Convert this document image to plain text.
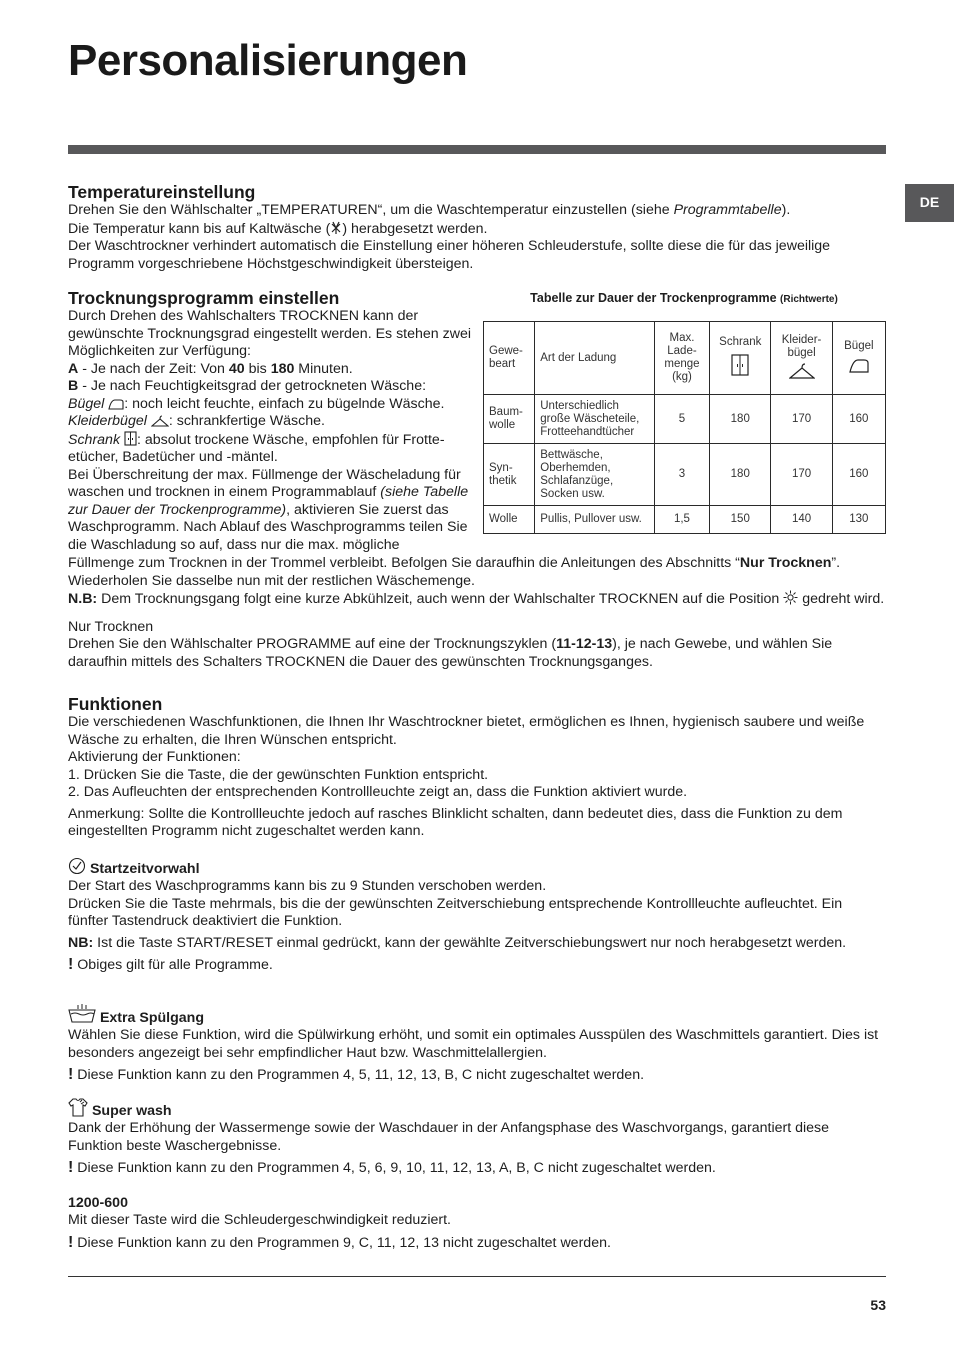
Personalisierungen
DE
Temperatureinstellung

Drehen Sie den Wählschalter „TEMPERATUREN“, um die Waschtemperatur einzustellen (siehe Programmtabelle).
Die Temperatur kann bis auf Kaltwäsche ( ) herabgesetzt werden.
Der Waschtrockner verhindert automatisch die Einstellung einer höheren Schleuderstufe, sollte diese die für das jeweilige Programm vorgeschriebene Höchstgeschwindigkeit übersteigen.

Trocknungsprogramm einstellen

Durch Drehen des Wahlschalters TROCKNEN kann der gewünschte Trocknungsgrad eingestellt werden. Es stehen zwei Möglichkeiten zur Verfügung:
A - Je nach der Zeit: Von 40 bis 180 Minuten.
B - Je nach Feuchtigkeitsgrad der getrockneten Wäsche:
Bügel : noch leicht feuchte, einfach zu bügelnde Wäsche.
Kleiderbügel : schrankfertige Wäsche.
Schrank : absolut trockene Wäsche, empfohlen für Frotte-etücher, Badetücher und -mäntel.
Bei Überschreitung der max. Füllmenge der Wäscheladung für waschen und trocknen in einem Programmablauf (siehe Tabelle zur Dauer der Trockenprogramme), aktivieren Sie zuerst das Waschprogramm. Nach Ablauf des Waschprogramms teilen Sie die Waschladung so auf, dass nur die max. mögliche

Tabelle zur Dauer der Trockenprogramme (Richtwerte)
Gewe-beart	Art der Ladung	Max. Lade-menge (kg)	Schrank	Kleider-bügel	Bügel

Baum-wolle	Unterschiedlich große Wäscheteile, Frotteehandtücher	5	180	170	160
Syn-thetik	Bettwäsche, Oberhemden, Schlafanzüge, Socken usw.	3	180	170	160
Wolle	Pullis, Pullover usw.	1,5	150	140	130

Füllmenge zum Trocknen in der Trommel verbleibt. Befolgen Sie daraufhin die Anleitungen des Abschnitts “Nur Trocknen”.
Wiederholen Sie dasselbe nun mit der restlichen Wäschemenge.
N.B: Dem Trocknungsgang folgt eine kurze Abkühlzeit, auch wenn der Wahlschalter TROCKNEN auf die Position  gedreht wird.

Nur Trocknen

Drehen Sie den Wählschalter PROGRAMME auf eine der Trocknungszyklen (11-12-13), je nach Gewebe, und wählen Sie daraufhin mittels des Schalters TROCKNEN die Dauer des gewünschten Trocknungsganges.

Funktionen

Die verschiedenen Waschfunktionen, die Ihnen Ihr Waschtrockner bietet, ermöglichen es Ihnen, hygienisch saubere und weiße Wäsche zu erhalten, die Ihren Wünschen entspricht.

Aktivierung der Funktionen:

1. Drücken Sie die Taste, die der gewünschten Funktion entspricht.

2. Das Aufleuchten der entsprechenden Kontrollleuchte zeigt an, dass die Funktion aktiviert wurde.

Anmerkung: Sollte die Kontrollleuchte jedoch auf rasches Blinklicht schalten, dann bedeutet dies, dass die Funktion zu dem eingestellten Programm nicht zugeschaltet werden kann.

Startzeitvorwahl

Der Start des Waschprogramms kann bis zu 9 Stunden verschoben werden.

Drücken Sie die Taste mehrmals, bis die der gewünschten Zeitverschiebung entsprechende Kontrollleuchte aufleuchtet. Ein fünfter Tastendruck deaktiviert die Funktion.

NB: Ist die Taste START/RESET einmal gedrückt, kann der gewählte Zeitverschiebungswert nur noch herabgesetzt werden.

! Obiges gilt für alle Programme.

Extra Spülgang

Wählen Sie diese Funktion, wird die Spülwirkung erhöht, und somit ein optimales Ausspülen des Waschmittels garantiert. Dies ist besonders angezeigt bei sehr empfindlicher Haut bzw. Waschmittelallergien.

! Diese Funktion kann zu den Programmen 4, 5, 11, 12, 13, B, C nicht zugeschaltet werden.

Super wash

Dank der Erhöhung der Wassermenge sowie der Waschdauer in der Anfangsphase des Waschvorgangs, garantiert diese Funktion beste Waschergebnisse.

! Diese Funktion kann zu den Programmen 4, 5, 6, 9, 10, 11, 12, 13, A, B, C nicht zugeschaltet werden.

1200-600

Mit dieser Taste wird die Schleudergeschwindigkeit reduziert.

! Diese Funktion kann zu den Programmen 9, C, 11, 12, 13 nicht zugeschaltet werden.

53
